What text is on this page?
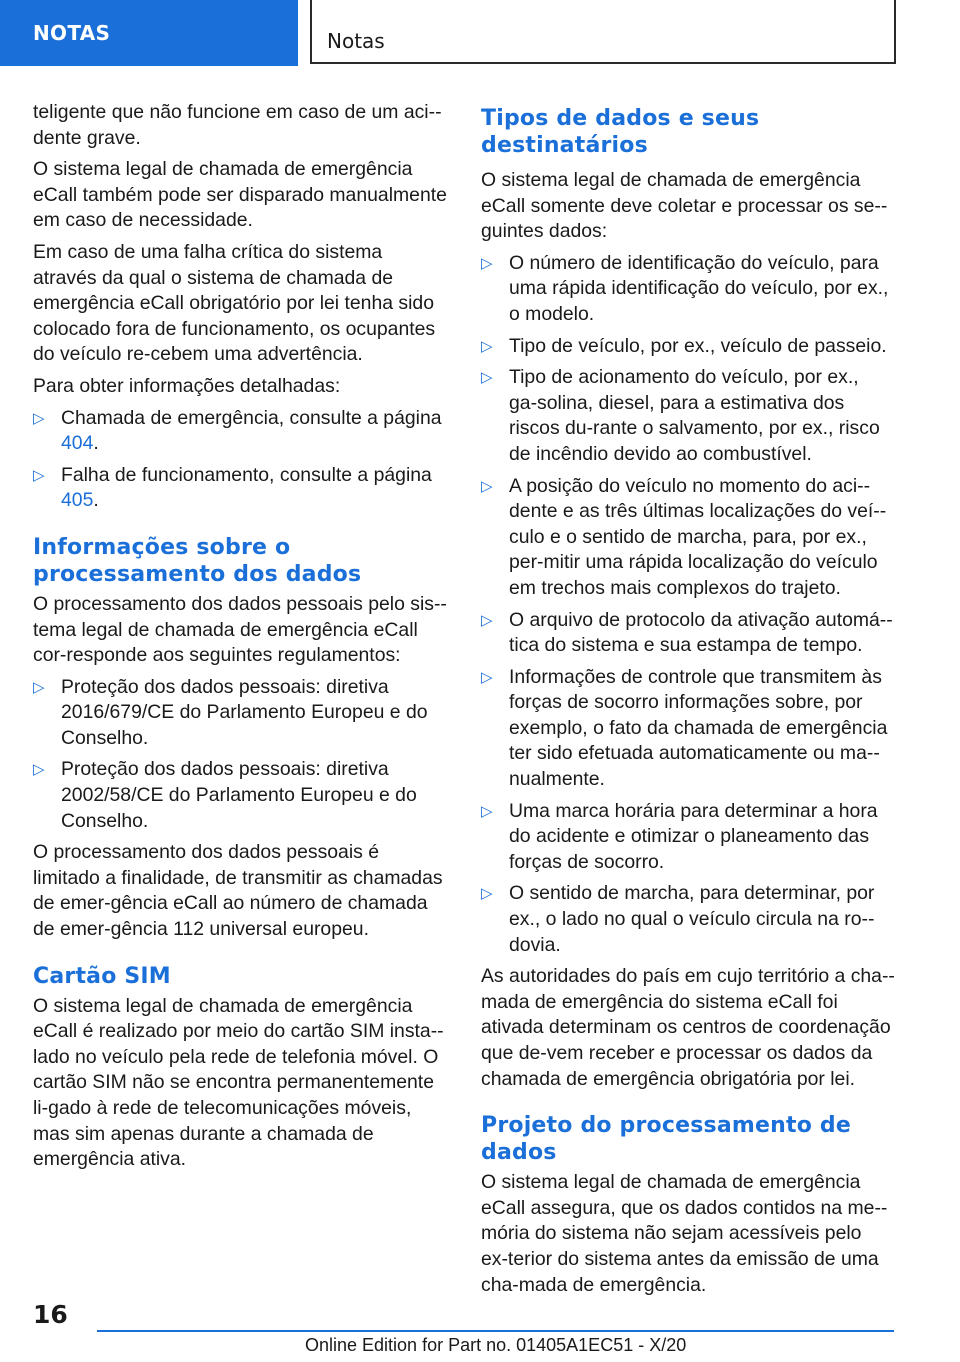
NOTAS	Notas

teligente que não funcione em caso de um aci-dente grave.

O sistema legal de chamada de emergência eCall também pode ser disparado manualmente em caso de necessidade.

Em caso de uma falha crítica do sistema através da qual o sistema de chamada de emergência eCall obrigatório por lei tenha sido colocado fora de funcionamento, os ocupantes do veículo re-cebem uma advertência.

Para obter informações detalhadas:

▷ Chamada de emergência, consulte a página 404.
▷ Falha de funcionamento, consulte a página 405.
Informações sobre o processamento dos dados

O processamento dos dados pessoais pelo sis-tema legal de chamada de emergência eCall cor-responde aos seguintes regulamentos:

▷ Proteção dos dados pessoais: diretiva 2016/679/CE do Parlamento Europeu e do Conselho.
▷ Proteção dos dados pessoais: diretiva 2002/58/CE do Parlamento Europeu e do Conselho.

O processamento dos dados pessoais é limitado a finalidade, de transmitir as chamadas de emer-gência eCall ao número de chamada de emer-gência 112 universal europeu.

Cartão SIM

O sistema legal de chamada de emergência eCall é realizado por meio do cartão SIM insta-lado no veículo pela rede de telefonia móvel. O cartão SIM não se encontra permanentemente li-gado à rede de telecomunicações móveis, mas sim apenas durante a chamada de emergência ativa.

Tipos de dados e seus destinatários

O sistema legal de chamada de emergência eCall somente deve coletar e processar os se-guintes dados:

▷ O número de identificação do veículo, para uma rápida identificação do veículo, por ex., o modelo.
▷ Tipo de veículo, por ex., veículo de passeio.
▷ Tipo de acionamento do veículo, por ex., ga-solina, diesel, para a estimativa dos riscos du-rante o salvamento, por ex., risco de incêndio devido ao combustível.
▷ A posição do veículo no momento do aci-dente e as três últimas localizações do veí-culo e o sentido de marcha, para, por ex., per-mitir uma rápida localização do veículo em trechos mais complexos do trajeto.
▷ O arquivo de protocolo da ativação automá-tica do sistema e sua estampa de tempo.
▷ Informações de controle que transmitem às forças de socorro informações sobre, por exemplo, o fato da chamada de emergência ter sido efetuada automaticamente ou ma-nualmente.
▷ Uma marca horária para determinar a hora do acidente e otimizar o planeamento das forças de socorro.
▷ O sentido de marcha, para determinar, por ex., o lado no qual o veículo circula na ro-dovia.

As autoridades do país em cujo território a cha-mada de emergência do sistema eCall foi ativada determinam os centros de coordenação que de-vem receber e processar os dados da chamada de emergência obrigatória por lei.

Projeto do processamento de dados

O sistema legal de chamada de emergência eCall assegura, que os dados contidos na me-mória do sistema não sejam acessíveis pelo ex-terior do sistema antes da emissão de uma cha-mada de emergência.

16
Online Edition for Part no. 01405A1EC51 - X/20
